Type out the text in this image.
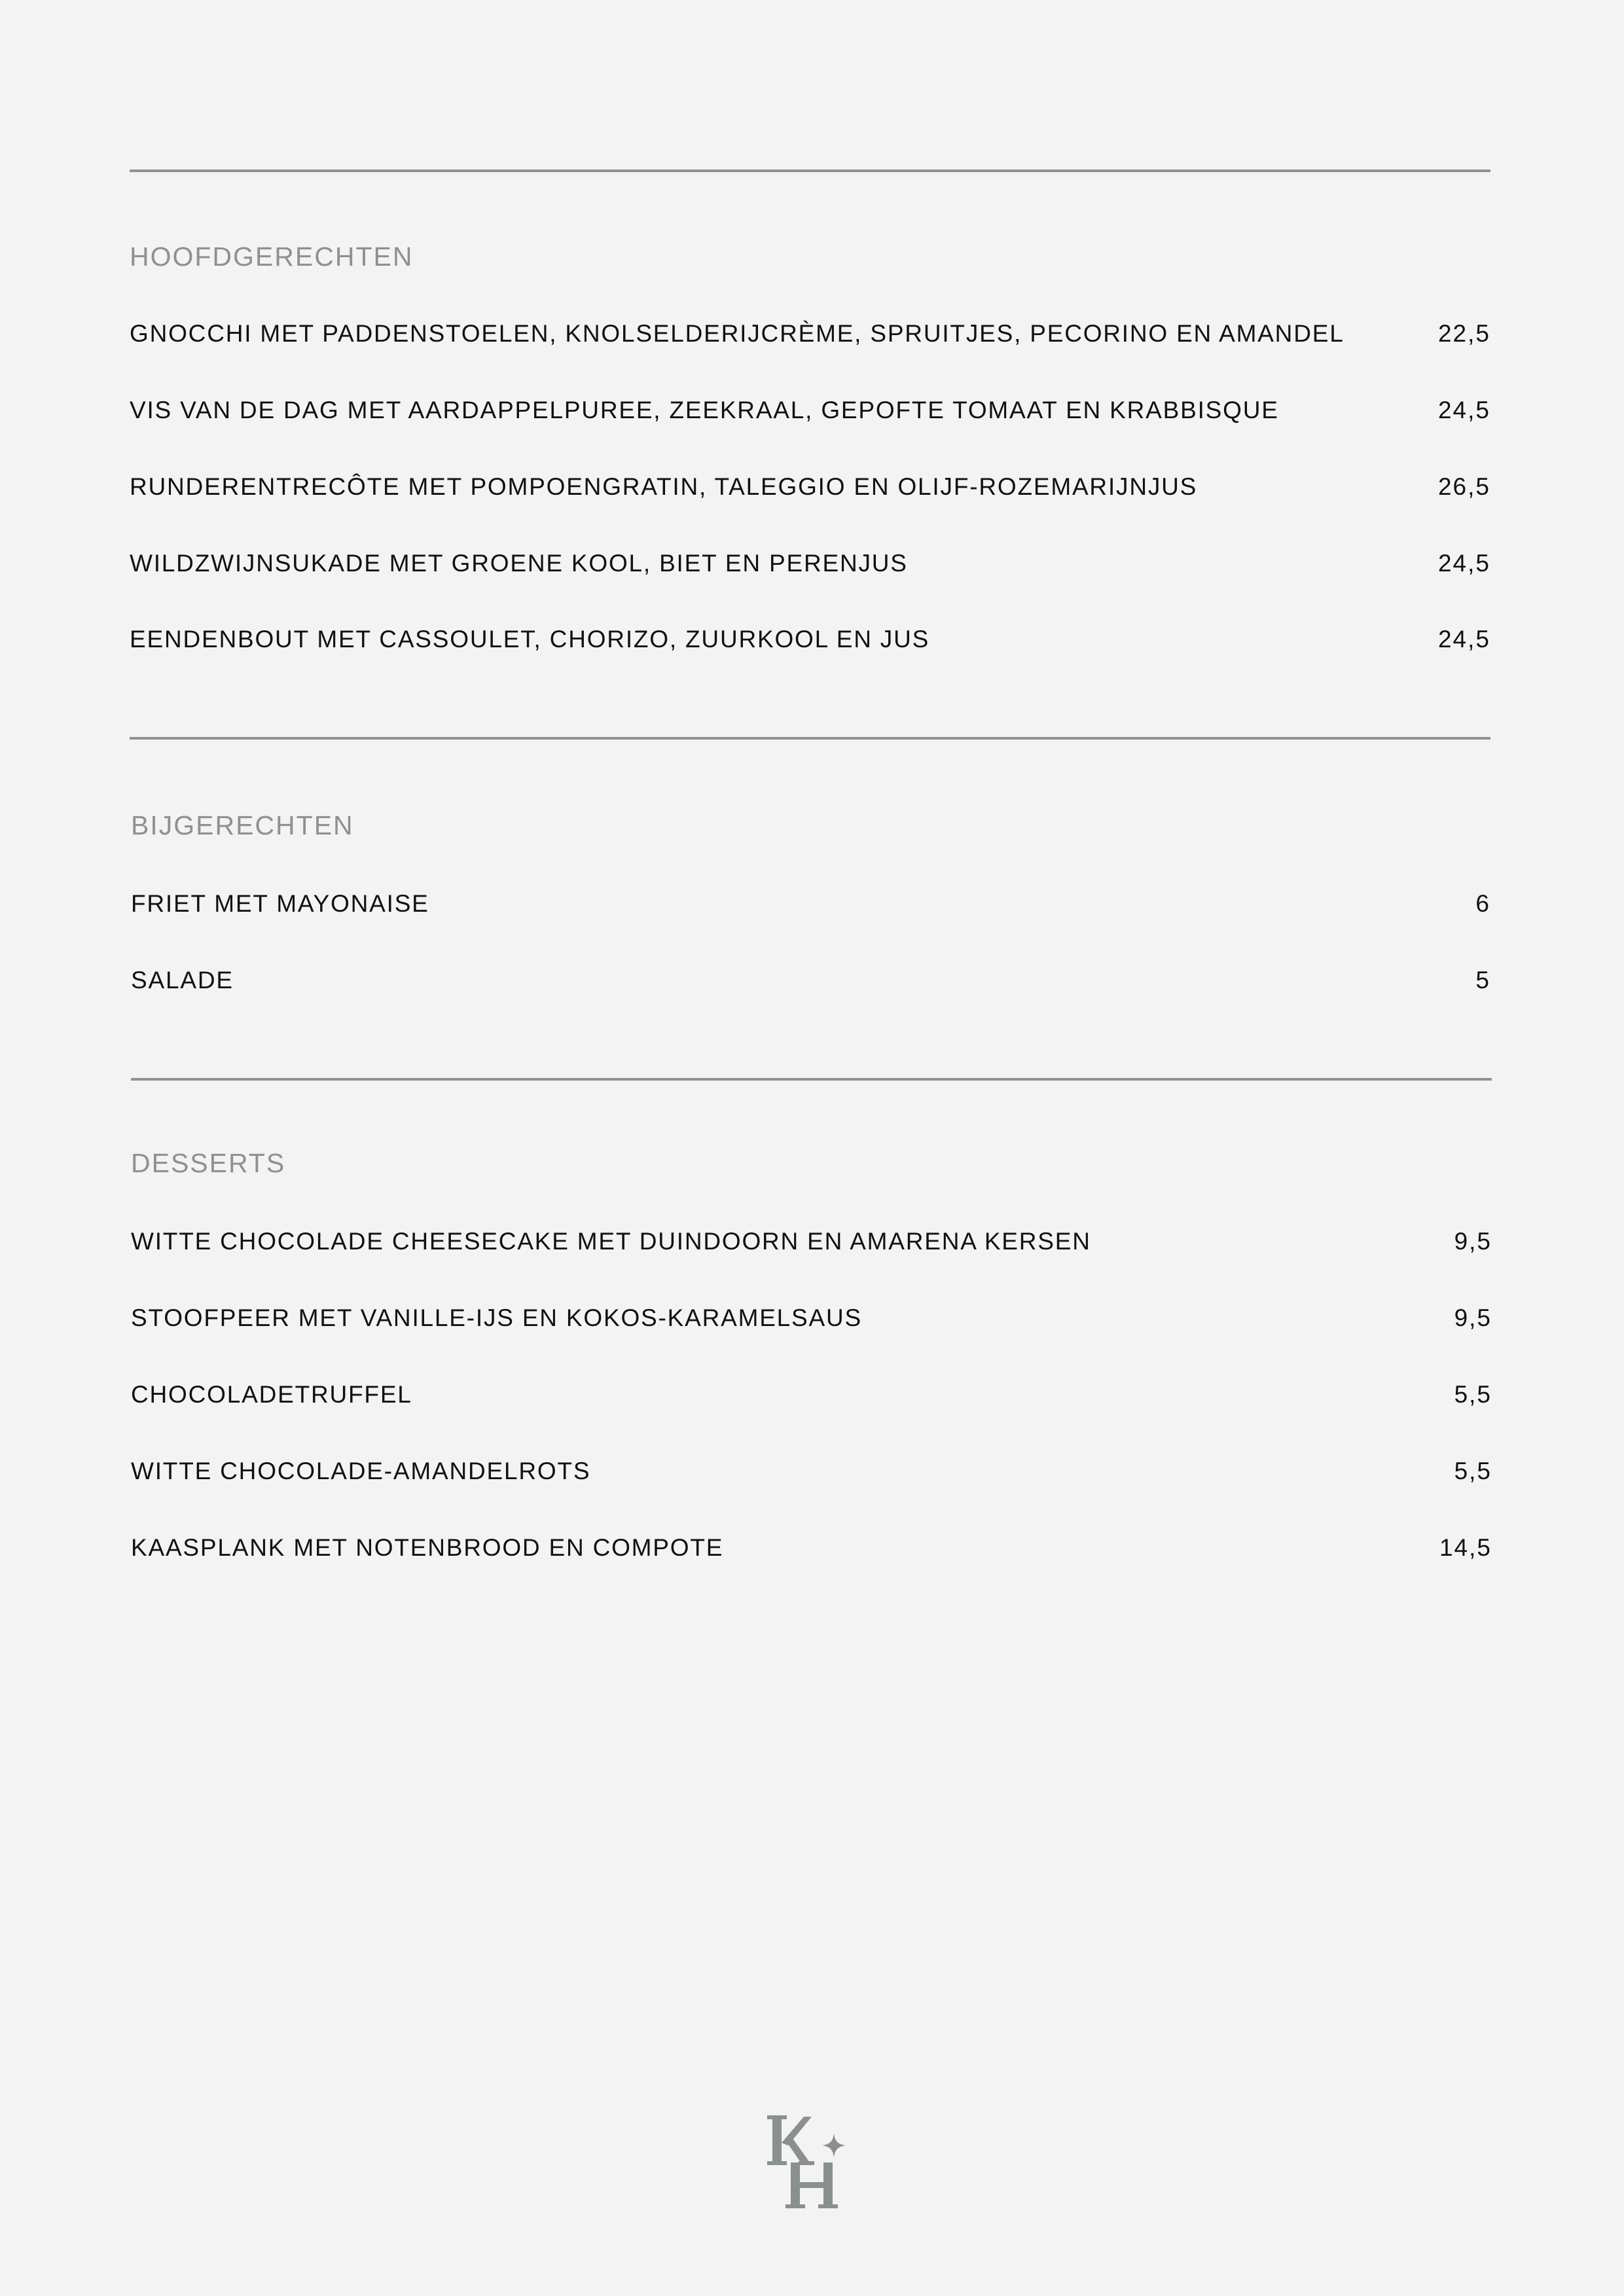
HOOFDGERECHTEN
GNOCCHI MET PADDENSTOELEN, KNOLSELDERIJCRÈME, SPRUITJES, PECORINO EN AMANDEL	22,5
VIS VAN DE DAG MET AARDAPPELPUREE, ZEEKRAAL, GEPOFTE TOMAAT EN KRABBISQUE	24,5
RUNDERENTRECÔTE MET POMPOENGRATIN, TALEGGIO EN OLIJF-ROZEMARIJNJUS	26,5
WILDZWIJNSUKADE MET GROENE KOOL, BIET EN PERENJUS	24,5
EENDENBOUT MET CASSOULET, CHORIZO, ZUURKOOL EN JUS	24,5
BIJGERECHTEN
FRIET MET MAYONAISE	6
SALADE	5
DESSERTS
WITTE CHOCOLADE CHEESECAKE MET DUINDOORN EN AMARENA KERSEN	9,5
STOOFPEER MET VANILLE-IJS EN KOKOS-KARAMELSAUS	9,5
CHOCOLADETRUFFEL	5,5
WITTE CHOCOLADE-AMANDELROTS	5,5
KAASPLANK MET NOTENBROOD EN COMPOTE	14,5
